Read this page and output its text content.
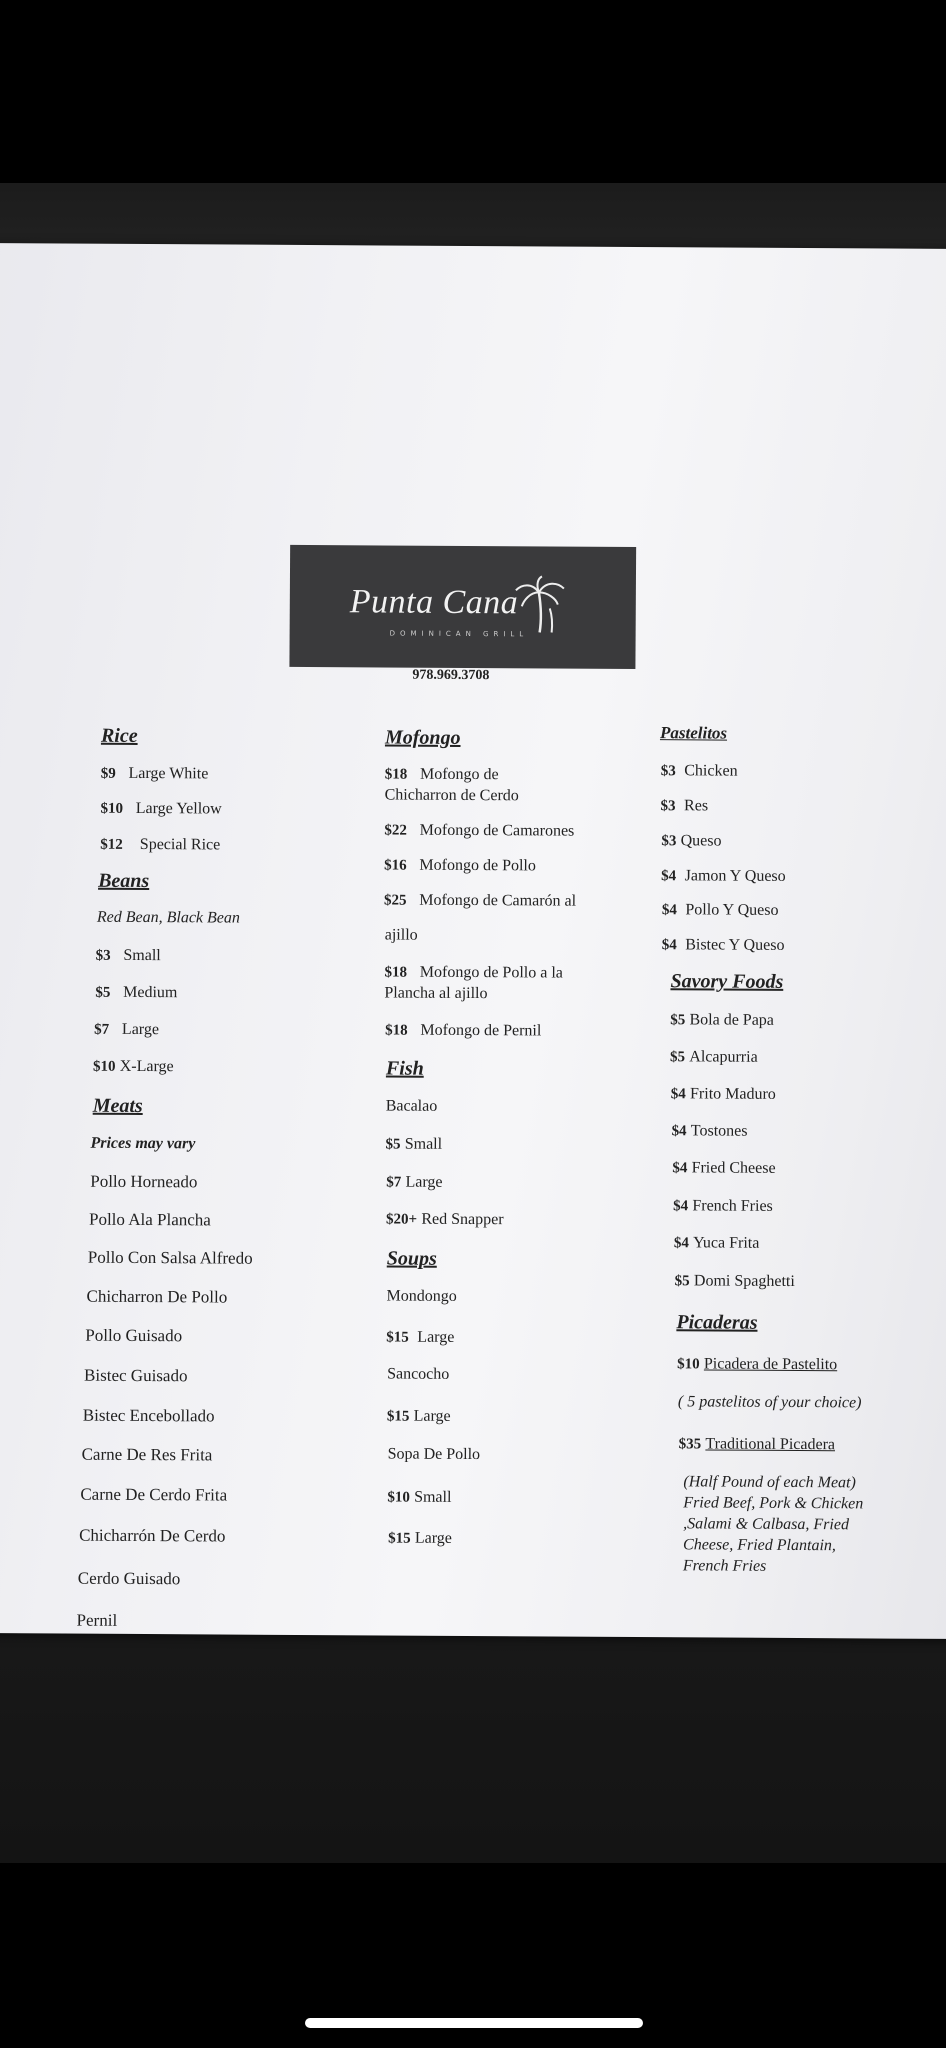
Punta Cana
DOMINICAN GRILL
978.969.3708
Rice
$9 Large White
$10 Large Yellow
$12 Special Rice
Beans
Red Bean, Black Bean
$3 Small
$5 Medium
$7 Large
$10 X-Large
Meats
Prices may vary
Pollo Horneado
Pollo Ala Plancha
Pollo Con Salsa Alfredo
Chicharron De Pollo
Pollo Guisado
Bistec Guisado
Bistec Encebollado
Carne De Res Frita
Carne De Cerdo Frita
Chicharrón De Cerdo
Cerdo Guisado
Pernil
Mofongo
$18 Mofongo de
Chicharron de Cerdo
$22 Mofongo de Camarones
$16 Mofongo de Pollo
$25 Mofongo de Camarón al
ajillo
$18 Mofongo de Pollo a la
Plancha al ajillo
$18 Mofongo de Pernil
Fish
Bacalao
$5 Small
$7 Large
$20+ Red Snapper
Soups
Mondongo
$15 Large
Sancocho
$15 Large
Sopa De Pollo
$10 Small
$15 Large
Pastelitos
$3 Chicken
$3 Res
$3 Queso
$4 Jamon Y Queso
$4 Pollo Y Queso
$4 Bistec Y Queso
Savory Foods
$5 Bola de Papa
$5 Alcapurria
$4 Frito Maduro
$4 Tostones
$4 Fried Cheese
$4 French Fries
$4 Yuca Frita
$5 Domi Spaghetti
Picaderas
$10 Picadera de Pastelito
( 5 pastelitos of your choice)
$35 Traditional Picadera
(Half Pound of each Meat)
Fried Beef, Pork & Chicken
,Salami & Calbasa, Fried
Cheese, Fried Plantain,
French Fries
